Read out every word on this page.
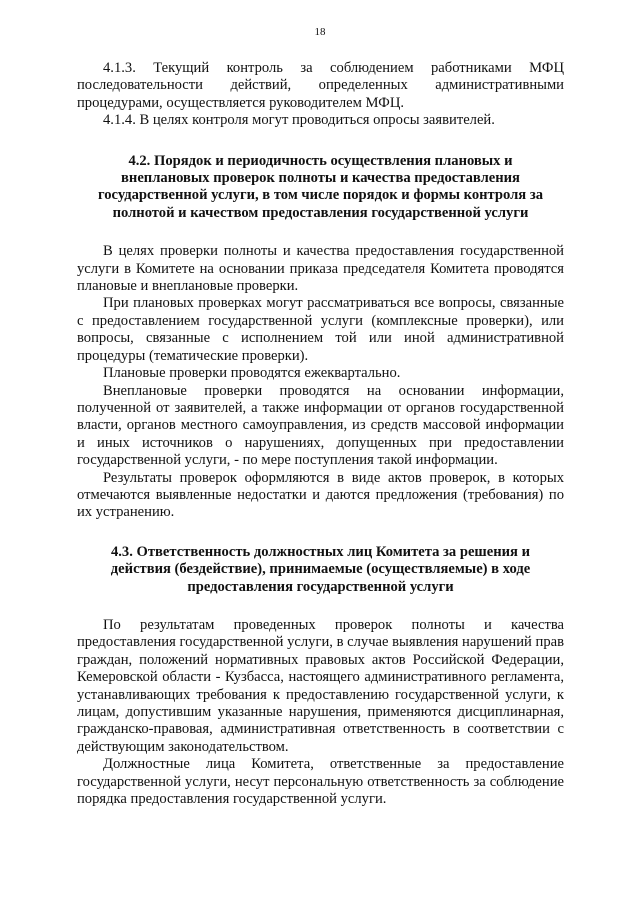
18

4.1.3. Текущий контроль за соблюдением работниками МФЦ последовательности действий, определенных административными процедурами, осуществляется руководителем МФЦ.

4.1.4. В целях контроля могут проводиться опросы заявителей.

4.2. Порядок и периодичность осуществления плановых и внеплановых проверок полноты и качества предоставления государственной услуги, в том числе порядок и формы контроля за полнотой и качеством предоставления государственной услуги

В целях проверки полноты и качества предоставления государственной услуги в Комитете на основании приказа председателя Комитета проводятся плановые и внеплановые проверки.

При плановых проверках могут рассматриваться все вопросы, связанные с предоставлением государственной услуги (комплексные проверки), или вопросы, связанные с исполнением той или иной административной процедуры (тематические проверки).

Плановые проверки проводятся ежеквартально.

Внеплановые проверки проводятся на основании информации, полученной от заявителей, а также информации от органов государственной власти, органов местного самоуправления, из средств массовой информации и иных источников о нарушениях, допущенных при предоставлении государственной услуги, - по мере поступления такой информации.

Результаты проверок оформляются в виде актов проверок, в которых отмечаются выявленные недостатки и даются предложения (требования) по их устранению.

4.3. Ответственность должностных лиц Комитета за решения и действия (бездействие), принимаемые (осуществляемые) в ходе предоставления государственной услуги

По результатам проведенных проверок полноты и качества предоставления государственной услуги, в случае выявления нарушений прав граждан, положений нормативных правовых актов Российской Федерации, Кемеровской области - Кузбасса, настоящего административного регламента, устанавливающих требования к предоставлению государственной услуги, к лицам, допустившим указанные нарушения, применяются дисциплинарная, гражданско-правовая, административная ответственность в соответствии с действующим законодательством.

Должностные лица Комитета, ответственные за предоставление государственной услуги, несут персональную ответственность за соблюдение порядка предоставления государственной услуги.
